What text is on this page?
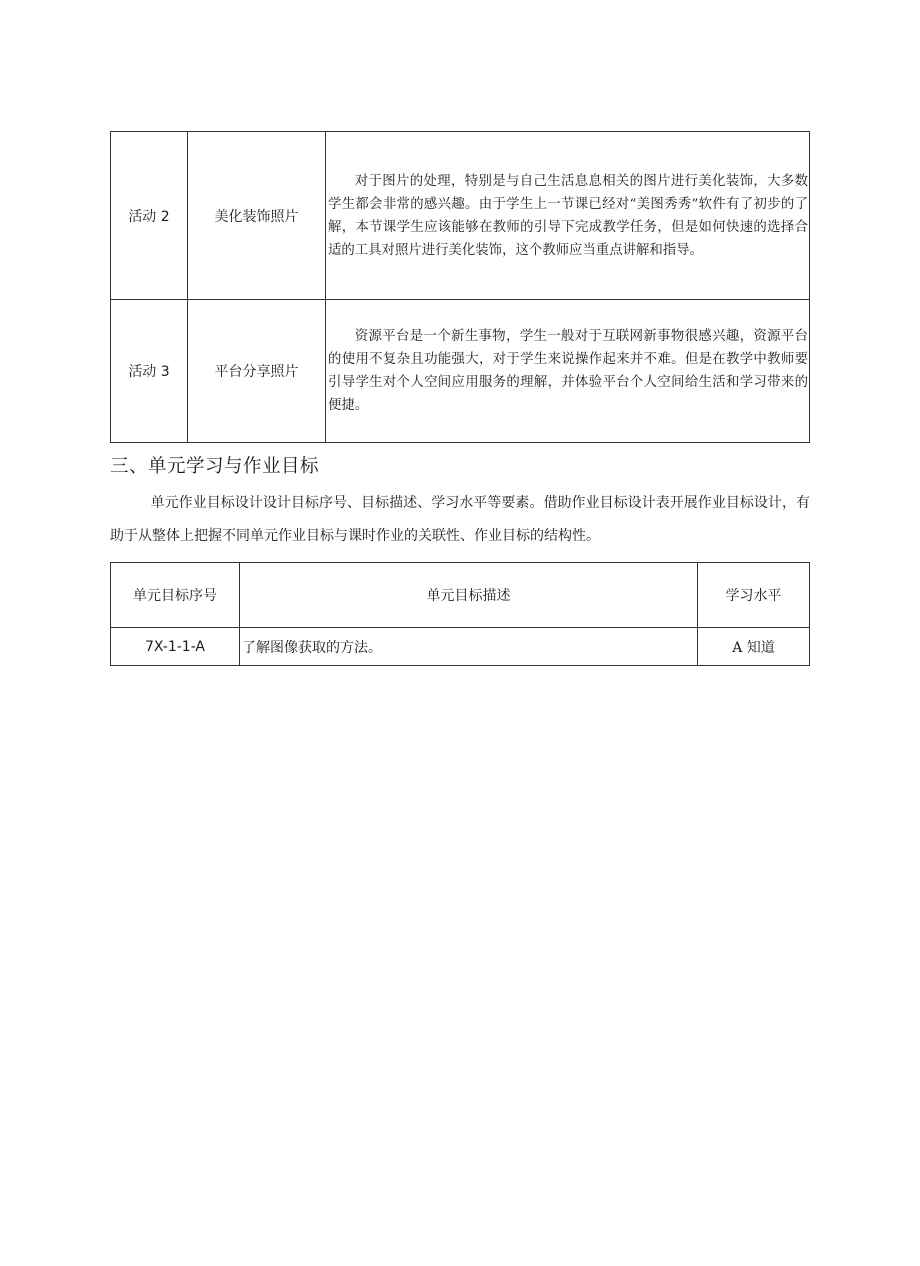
活动 2	美化装饰照片	对于图片的处理，特别是与自己生活息息相关的图片进行美化装饰，大多数学生都会非常的感兴趣。由于学生上一节课已经对“美图秀秀”软件有了初步的了解，本节课学生应该能够在教师的引导下完成教学任务，但是如何快速的选择合适的工具对照片进行美化装饰，这个教师应当重点讲解和指导。

活动 3	平台分享照片	资源平台是一个新生事物，学生一般对于互联网新事物很感兴趣，资源平台的使用不复杂且功能强大，对于学生来说操作起来并不难。但是在教学中教师要引导学生对个人空间应用服务的理解，并体验平台个人空间给生活和学习带来的便捷。

三、单元学习与作业目标

单元作业目标设计设计目标序号、目标描述、学习水平等要素。借助作业目标设计表开展作业目标设计，有助于从整体上把握不同单元作业目标与课时作业的关联性、作业目标的结构性。

单元目标序号	单元目标描述	学习水平
7X-1-1-A	了解图像获取的方法。	A 知道
